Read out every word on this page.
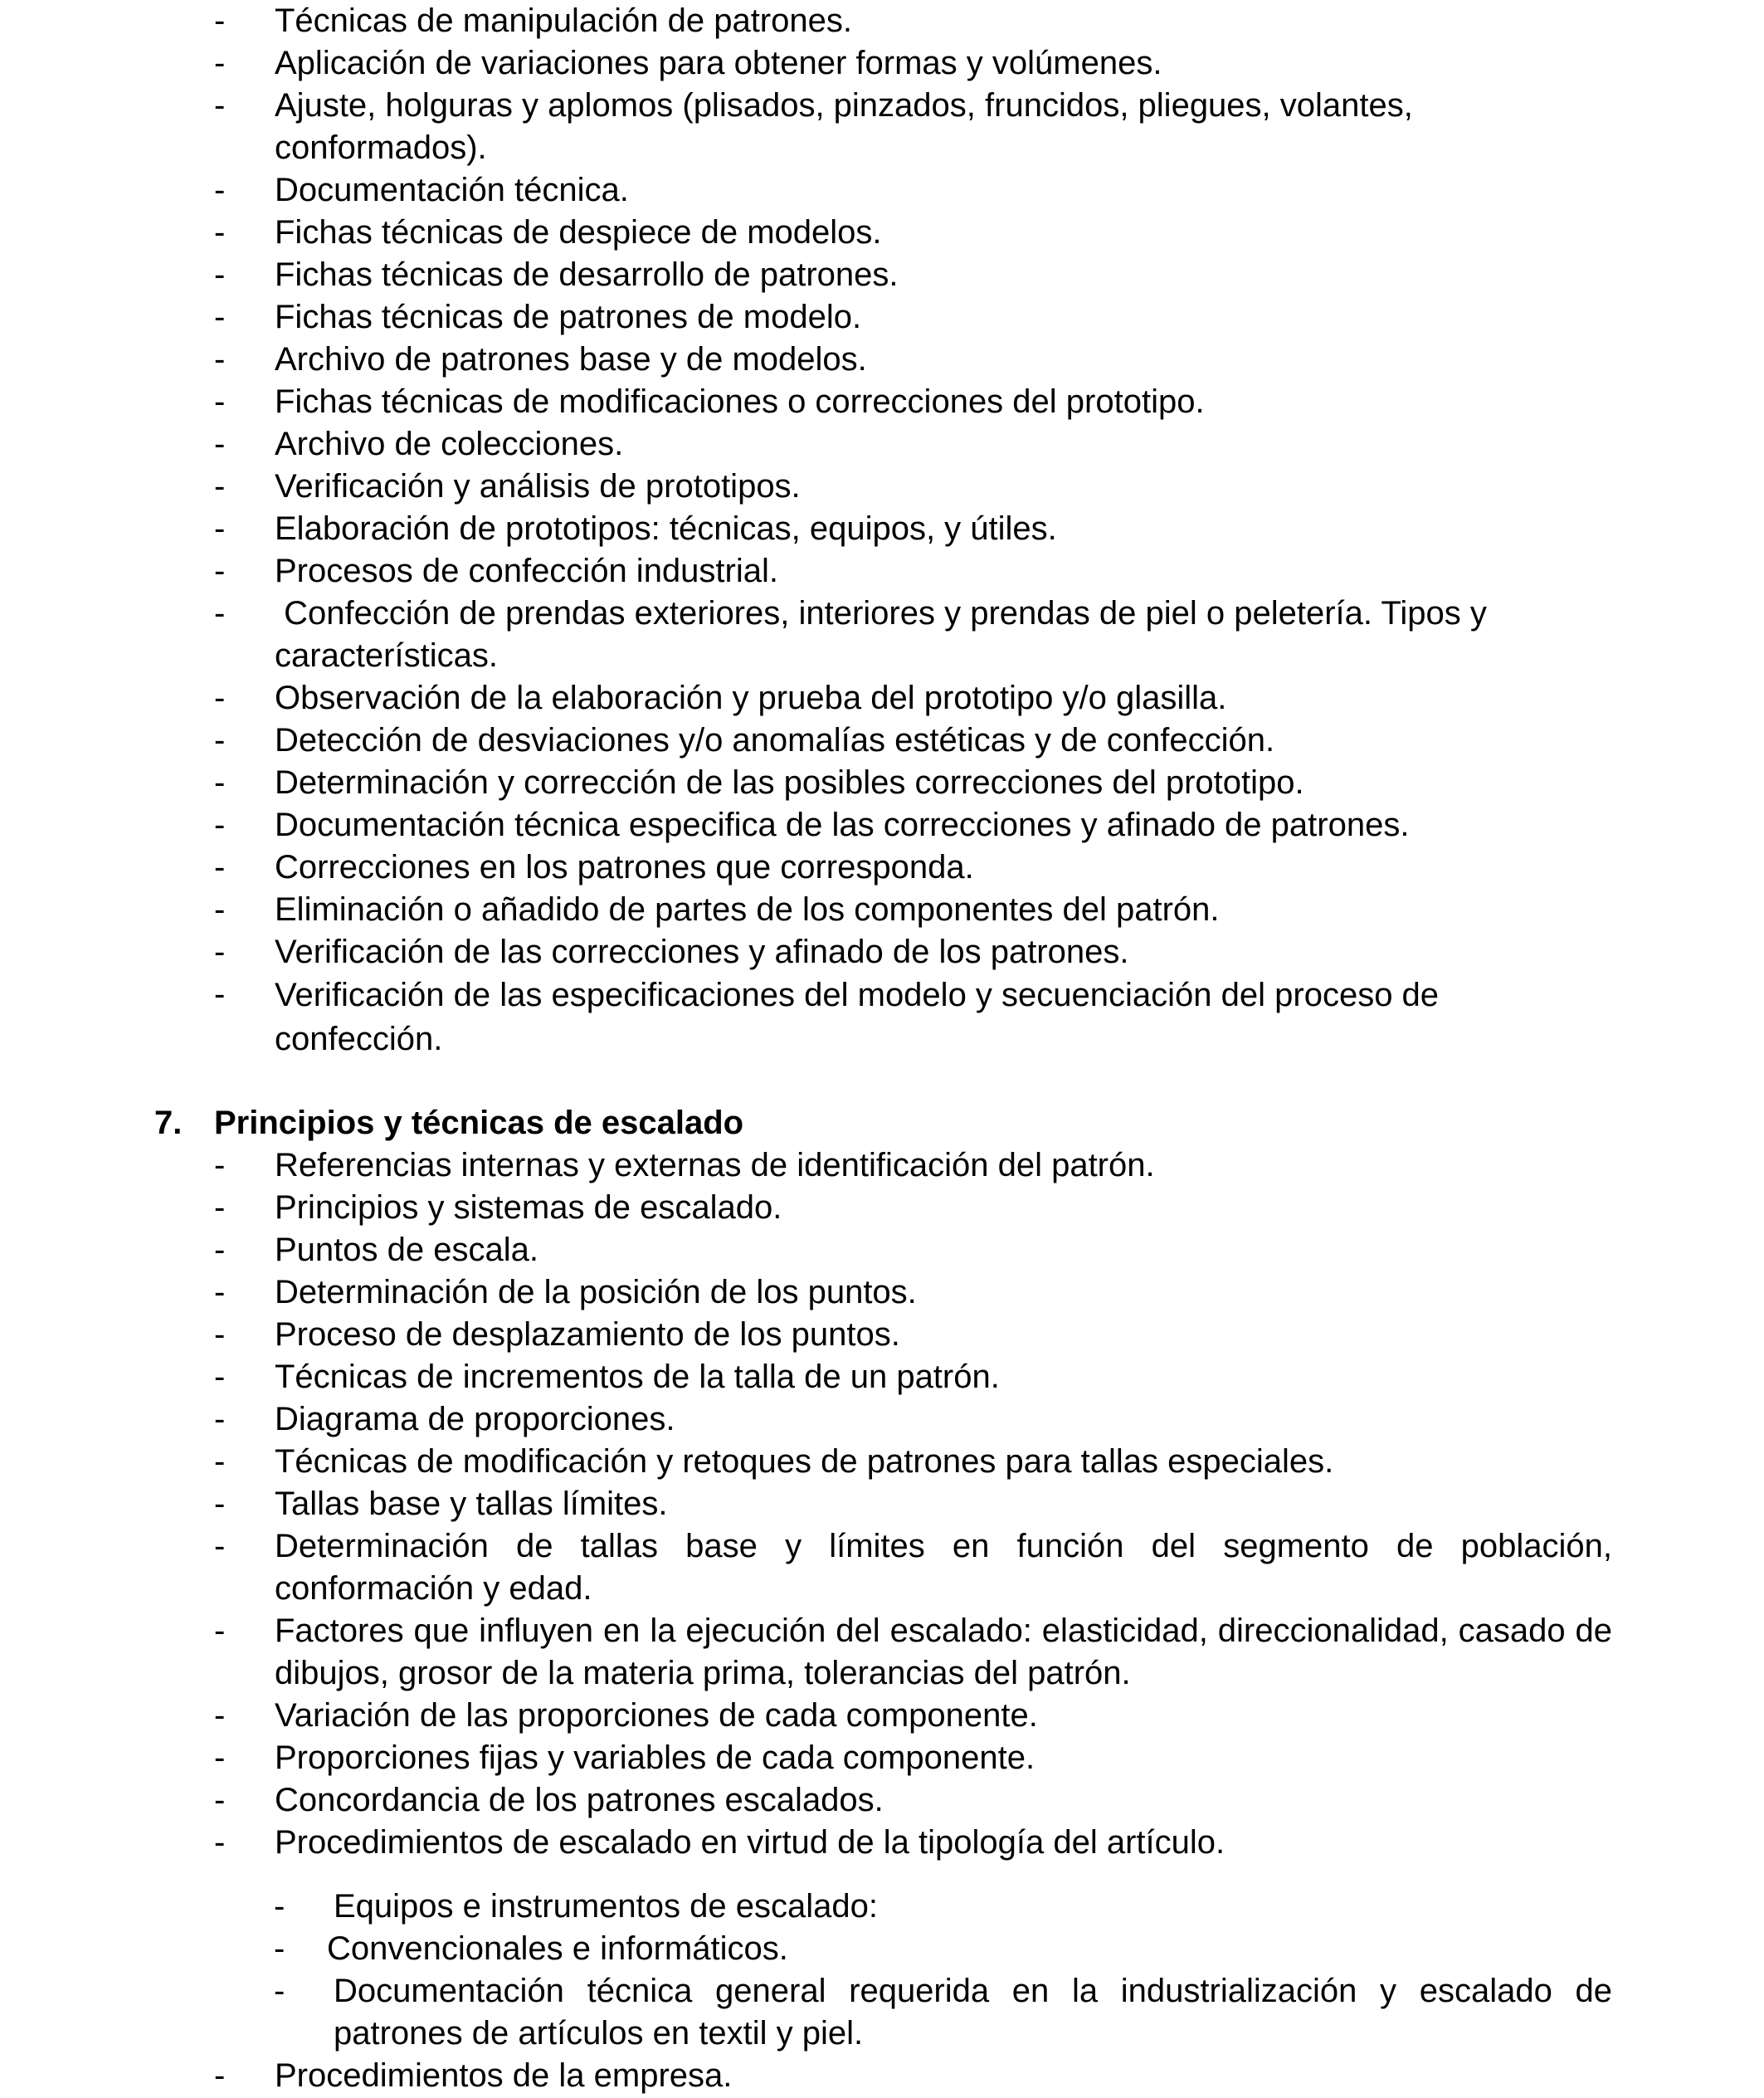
- Técnicas de manipulación de patrones.
- Aplicación de variaciones para obtener formas y volúmenes.
- Ajuste, holguras y aplomos (plisados, pinzados, fruncidos, pliegues, volantes, conformados).
- Documentación técnica.
- Fichas técnicas de despiece de modelos.
- Fichas técnicas de desarrollo de patrones.
- Fichas técnicas de patrones de modelo.
- Archivo de patrones base y de modelos.
- Fichas técnicas de modificaciones o correcciones del prototipo.
- Archivo de colecciones.
- Verificación y análisis de prototipos.
- Elaboración de prototipos: técnicas, equipos, y útiles.
- Procesos de confección industrial.
- Confección de prendas exteriores, interiores y prendas de piel o peletería. Tipos y características.
- Observación de la elaboración y prueba del prototipo y/o glasilla.
- Detección de desviaciones y/o anomalías estéticas y de confección.
- Determinación y corrección de las posibles correcciones del prototipo.
- Documentación técnica especifica de las correcciones y afinado de patrones.
- Correcciones en los patrones que corresponda.
- Eliminación o añadido de partes de los componentes del patrón.
- Verificación de las correcciones y afinado de los patrones.
- Verificación de las especificaciones del modelo y secuenciación del proceso de confección.
7. Principios y técnicas de escalado
- Referencias internas y externas de identificación del patrón.
- Principios y sistemas de escalado.
- Puntos de escala.
- Determinación de la posición de los puntos.
- Proceso de desplazamiento de los puntos.
- Técnicas de incrementos de la talla de un patrón.
- Diagrama de proporciones.
- Técnicas de modificación y retoques de patrones para tallas especiales.
- Tallas base y tallas límites.
- Determinación de tallas base y límites en función del segmento de población, conformación y edad.
- Factores que influyen en la ejecución del escalado: elasticidad, direccionalidad, casado de dibujos, grosor de la materia prima, tolerancias del patrón.
- Variación de las proporciones de cada componente.
- Proporciones fijas y variables de cada componente.
- Concordancia de los patrones escalados.
- Procedimientos de escalado en virtud de la tipología del artículo.
- Equipos e instrumentos de escalado:
- Convencionales e informáticos.
- Documentación técnica general requerida en la industrialización y escalado de patrones de artículos en textil y piel.
- Procedimientos de la empresa.
